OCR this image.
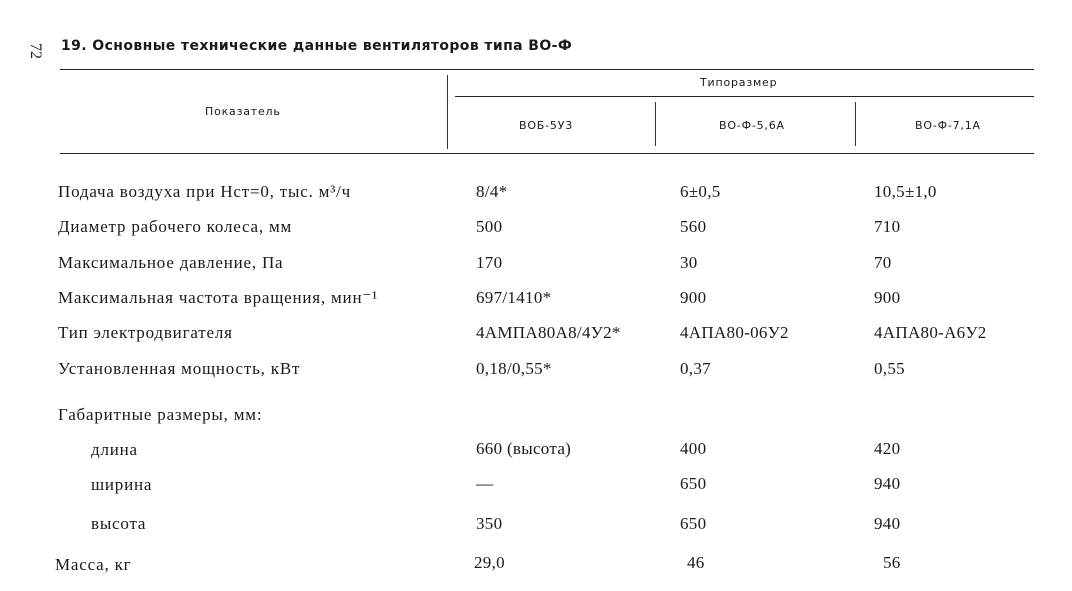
72 19. Основные технические данные вентиляторов типа ВО-Ф
Показатель
Типоразмер
ВОБ-5У3	ВО-Ф-5,6А	ВО-Ф-7,1А
Подача воздуха при Нст=0, тыс. м³/ч	8/4*	6±0,5	10,5±1,0
Диаметр рабочего колеса, мм	500	560	710
Максимальное давление, Па	170	30	70
Максимальная частота вращения, мин⁻¹	697/1410*	900	900
Тип электродвигателя	4АМПА80А8/4У2*	4АПА80-06У2	4АПА80-А6У2
Установленная мощность, кВт	0,18/0,55*	0,37	0,55
Габаритные размеры, мм:
длина	660 (высота)	400	420
ширина	—	650	940
высота	350	650	940
Масса, кг	29,0	46	56
